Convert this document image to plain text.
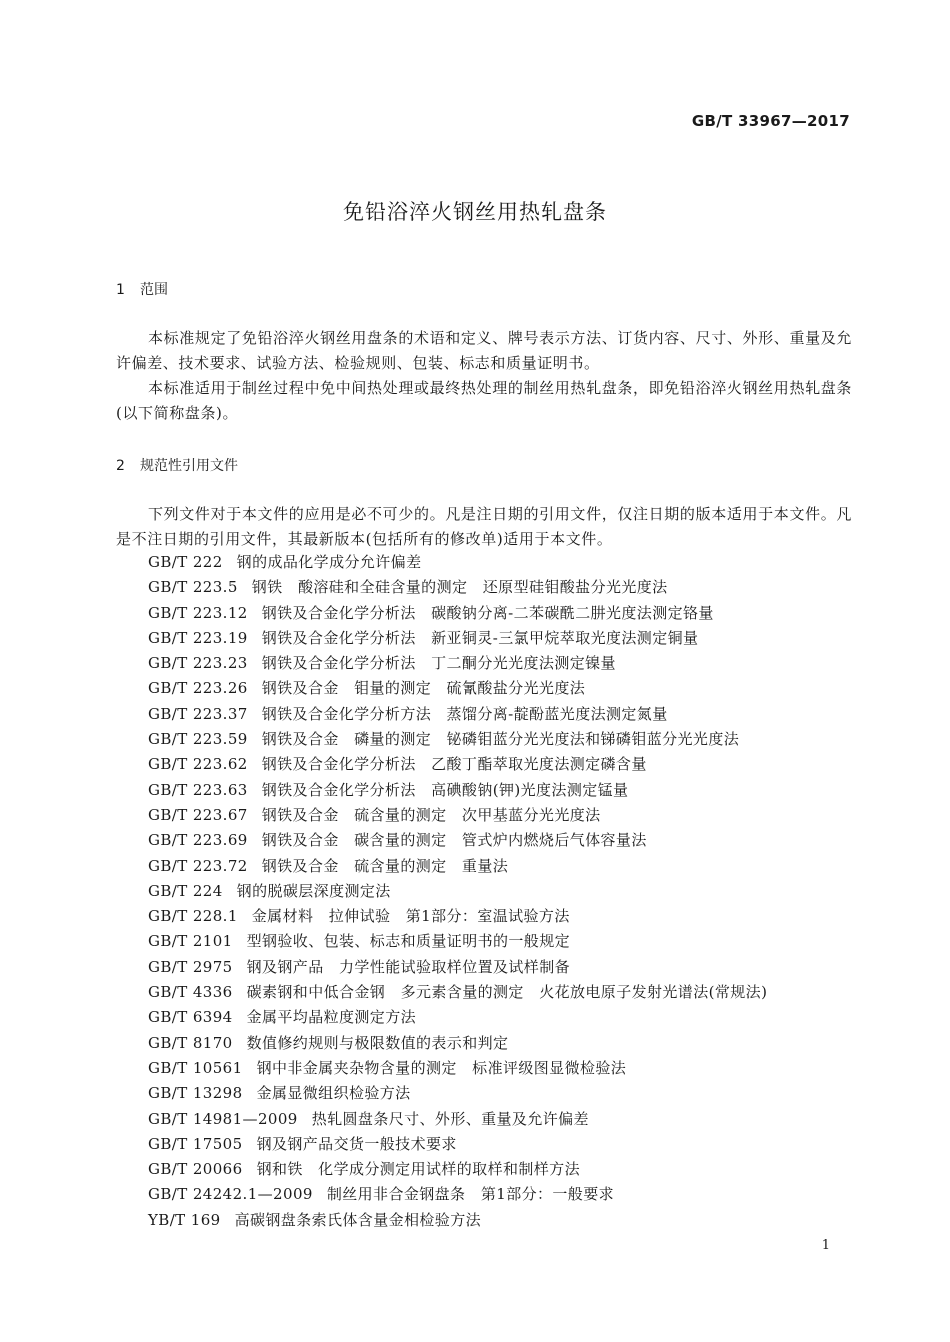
GB/T 33967—2017
免铅浴淬火钢丝用热轧盘条
1 范围

本标准规定了免铅浴淬火钢丝用盘条的术语和定义、牌号表示方法、订货内容、尺寸、外形、重量及允许偏差、技术要求、试验方法、检验规则、包装、标志和质量证明书。

本标准适用于制丝过程中免中间热处理或最终热处理的制丝用热轧盘条，即免铅浴淬火钢丝用热轧盘条(以下简称盘条)。

2 规范性引用文件

下列文件对于本文件的应用是必不可少的。凡是注日期的引用文件，仅注日期的版本适用于本文件。凡是不注日期的引用文件，其最新版本(包括所有的修改单)适用于本文件。

GB/T 222 钢的成品化学成分允许偏差
GB/T 223.5 钢铁　酸溶硅和全硅含量的测定　还原型硅钼酸盐分光光度法
GB/T 223.12 钢铁及合金化学分析法　碳酸钠分离-二苯碳酰二肼光度法测定铬量
GB/T 223.19 钢铁及合金化学分析法　新亚铜灵-三氯甲烷萃取光度法测定铜量
GB/T 223.23 钢铁及合金化学分析法　丁二酮分光光度法测定镍量
GB/T 223.26 钢铁及合金　钼量的测定　硫氰酸盐分光光度法
GB/T 223.37 钢铁及合金化学分析方法　蒸馏分离-靛酚蓝光度法测定氮量
GB/T 223.59 钢铁及合金　磷量的测定　铋磷钼蓝分光光度法和锑磷钼蓝分光光度法
GB/T 223.62 钢铁及合金化学分析法　乙酸丁酯萃取光度法测定磷含量
GB/T 223.63 钢铁及合金化学分析法　高碘酸钠(钾)光度法测定锰量
GB/T 223.67 钢铁及合金　硫含量的测定　次甲基蓝分光光度法
GB/T 223.69 钢铁及合金　碳含量的测定　管式炉内燃烧后气体容量法
GB/T 223.72 钢铁及合金　硫含量的测定　重量法
GB/T 224 钢的脱碳层深度测定法
GB/T 228.1 金属材料　拉伸试验　第1部分：室温试验方法
GB/T 2101 型钢验收、包装、标志和质量证明书的一般规定
GB/T 2975 钢及钢产品　力学性能试验取样位置及试样制备
GB/T 4336 碳素钢和中低合金钢　多元素含量的测定　火花放电原子发射光谱法(常规法)
GB/T 6394 金属平均晶粒度测定方法
GB/T 8170 数值修约规则与极限数值的表示和判定
GB/T 10561 钢中非金属夹杂物含量的测定　标准评级图显微检验法
GB/T 13298 金属显微组织检验方法
GB/T 14981—2009 热轧圆盘条尺寸、外形、重量及允许偏差
GB/T 17505 钢及钢产品交货一般技术要求
GB/T 20066 钢和铁　化学成分测定用试样的取样和制样方法
GB/T 24242.1—2009 制丝用非合金钢盘条　第1部分：一般要求
YB/T 169 高碳钢盘条索氏体含量金相检验方法
1
